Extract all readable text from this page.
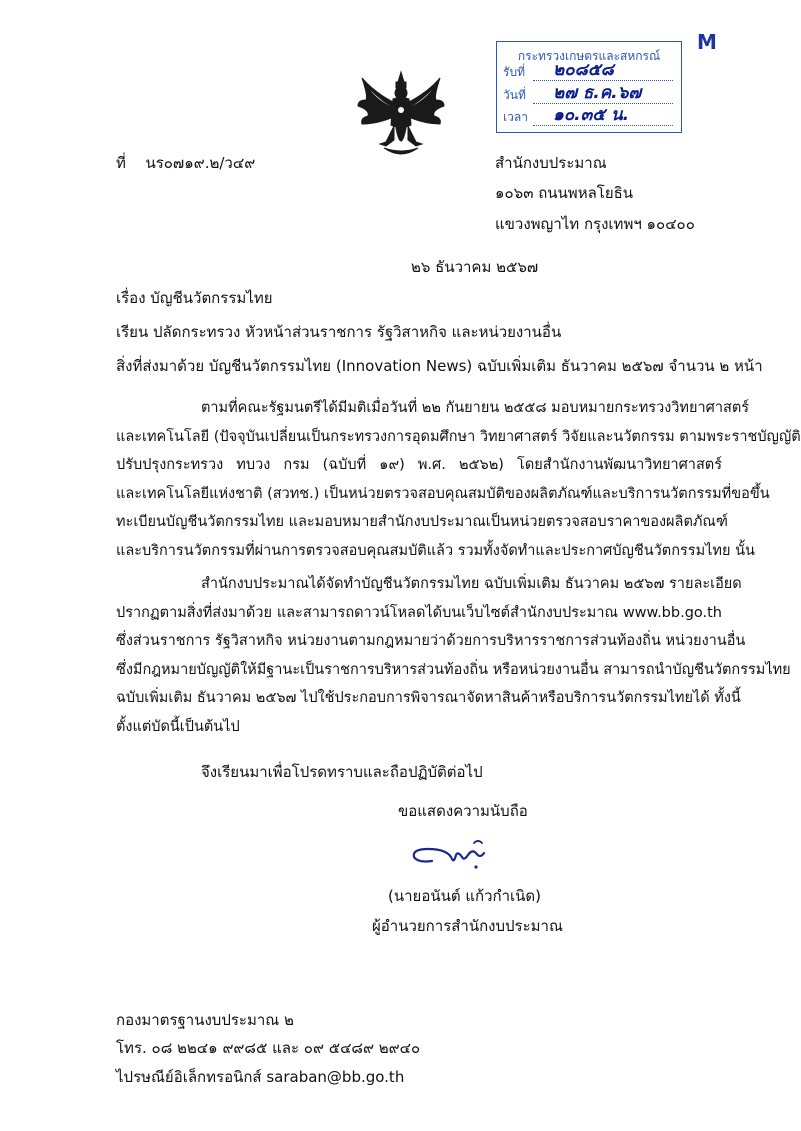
กระทรวงเกษตรและสหกรณ์
รับที่ ๒๐๘๕๘
วันที่ ๒๗ ธ.ค.๖๗
เวลา ๑๐.๓๕ น.
M
ที่ นร๐๗๑๙.๒/ว๔๙	สำนักงบประมาณ
๑๐๖๓ ถนนพหลโยธิน
แขวงพญาไท กรุงเทพฯ ๑๐๔๐๐
๒๖ ธันวาคม ๒๕๖๗
เรื่อง บัญชีนวัตกรรมไทย
เรียน ปลัดกระทรวง หัวหน้าส่วนราชการ รัฐวิสาหกิจ และหน่วยงานอื่น
สิ่งที่ส่งมาด้วย บัญชีนวัตกรรมไทย (Innovation News) ฉบับเพิ่มเติม ธันวาคม ๒๕๖๗ จำนวน ๒ หน้า
ตามที่คณะรัฐมนตรีได้มีมติเมื่อวันที่ ๒๒ กันยายน ๒๕๕๘ มอบหมายกระทรวงวิทยาศาสตร์
และเทคโนโลยี (ปัจจุบันเปลี่ยนเป็นกระทรวงการอุดมศึกษา วิทยาศาสตร์ วิจัยและนวัตกรรม ตามพระราชบัญญัติ
ปรับปรุงกระทรวง ทบวง กรม (ฉบับที่ ๑๙) พ.ศ. ๒๕๖๒) โดยสำนักงานพัฒนาวิทยาศาสตร์
และเทคโนโลยีแห่งชาติ (สวทช.) เป็นหน่วยตรวจสอบคุณสมบัติของผลิตภัณฑ์และบริการนวัตกรรมที่ขอขึ้น
ทะเบียนบัญชีนวัตกรรมไทย และมอบหมายสำนักงบประมาณเป็นหน่วยตรวจสอบราคาของผลิตภัณฑ์
และบริการนวัตกรรมที่ผ่านการตรวจสอบคุณสมบัติแล้ว รวมทั้งจัดทำและประกาศบัญชีนวัตกรรมไทย นั้น
สำนักงบประมาณได้จัดทำบัญชีนวัตกรรมไทย ฉบับเพิ่มเติม ธันวาคม ๒๕๖๗ รายละเอียด
ปรากฏตามสิ่งที่ส่งมาด้วย และสามารถดาวน์โหลดได้บนเว็บไซต์สำนักงบประมาณ www.bb.go.th
ซึ่งส่วนราชการ รัฐวิสาหกิจ หน่วยงานตามกฎหมายว่าด้วยการบริหารราชการส่วนท้องถิ่น หน่วยงานอื่น
ซึ่งมีกฎหมายบัญญัติให้มีฐานะเป็นราชการบริหารส่วนท้องถิ่น หรือหน่วยงานอื่น สามารถนำบัญชีนวัตกรรมไทย
ฉบับเพิ่มเติม ธันวาคม ๒๕๖๗ ไปใช้ประกอบการพิจารณาจัดหาสินค้าหรือบริการนวัตกรรมไทยได้ ทั้งนี้
ตั้งแต่บัดนี้เป็นต้นไป
จึงเรียนมาเพื่อโปรดทราบและถือปฏิบัติต่อไป
ขอแสดงความนับถือ
(นายอนันต์ แก้วกำเนิด)
ผู้อำนวยการสำนักงบประมาณ
กองมาตรฐานงบประมาณ ๒
โทร. ๐๘ ๒๒๔๑ ๙๙๘๕ และ ๐๙ ๕๔๘๙ ๒๙๔๐
ไปรษณีย์อิเล็กทรอนิกส์ saraban@bb.go.th
